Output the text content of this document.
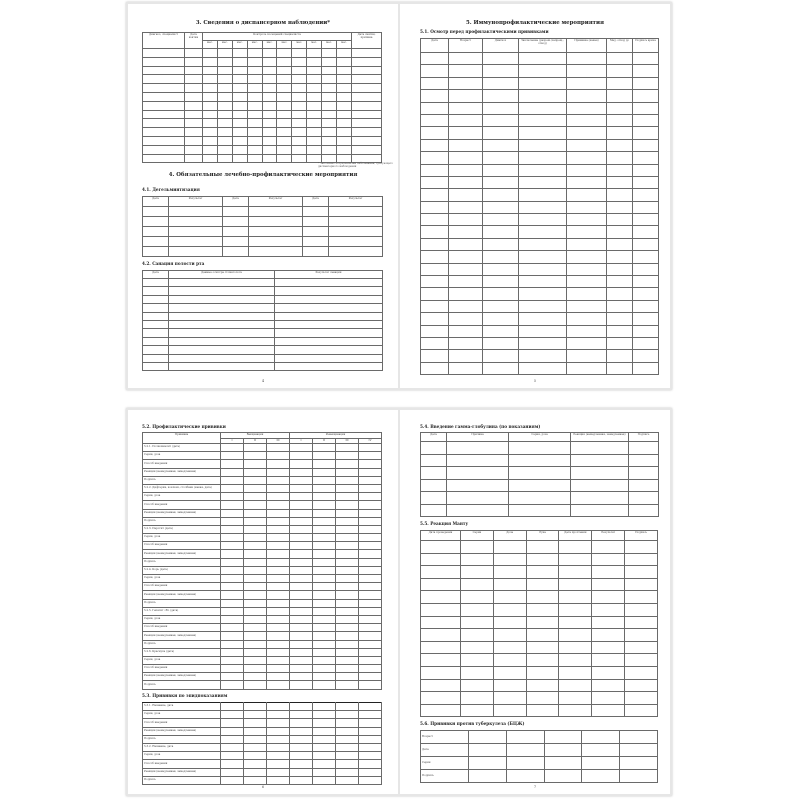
3. Сведения о диспансерном наблюдении*
Диагноз, специалист	Дата взятия	Контроль посещений специалиста										Дата снятия, причина
		мес.	мес.	мес.	мес.	мес.	мес.	мес.	мес.	мес.	мес.	

* Заполняется при наличии заболевания, требующего диспансерного наблюдения
4. Обязательные лечебно-профилактические мероприятия
4.1. Дегельминтизация
Дата	Результат	Дата	Результат	Дата	Результат

4.2. Санация полости рта
Дата	Данные осмотра стоматолога	Результат санации

4
5. Иммунопрофилактические мероприятия
5.1. Осмотр перед профилактическими прививками
Дата	Возраст	Диагноз	Заключение (разреш./запрещ., отвод)	Прививка (какая)	Мед. отвод до	Подпись врача

5
5.2. Профилактические прививки
Прививка	Вакцинация			Ревакцинация			
	I	II	III	I	II	III	IV
5.2.1. Полиомиелит (дата)							
Серия, доза							
Способ введения							
Реакция (немедленная, замедленная)							
Подпись							
5.2.2. Дифтерия, коклюш, столбняк (какая, дата)							
Серия, доза							
Способ введения							
Реакция (немедленная, замедленная)							
Подпись							
5.2.3. Паротит (дата)							
Серия, доза							
Способ введения							
Реакция (немедленная, замедленная)							
Подпись							
5.2.4. Корь (дата)							
Серия, доза							
Способ введения							
Реакция (немедленная, замедленная)							
Подпись							
5.2.5. Гепатит «В» (дата)							
Серия, доза							
Способ введения							
Реакция (немедленная, замедленная)							
Подпись							
5.2.6. Краснуха (дата)							
Серия, доза							
Способ введения							
Реакция (немедленная, замедленная)							
Подпись							
5.3. Прививки по эпидпоказаниям
5.3.1. Название, дата							
Серия, доза							
Способ введения							
Реакция (немедленная, замедленная)							
Подпись							
5.3.2. Название, дата							
Серия, доза							
Способ введения							
Реакция (немедленная, замедленная)							
Подпись							
6
5.4. Введение гамма-глобулина (по показаниям)
Дата	Причина	Серия, доза	Реакция (немедленная, замедленная)	Подпись

5.5. Реакция Манту
Дата проведения	Серия	Доза	Рука	Дата прочтения	Результат	Подпись

5.6. Прививки против туберкулеза (БЦЖ)
Возраст					
Дата					
Серия					
Подпись					
7
